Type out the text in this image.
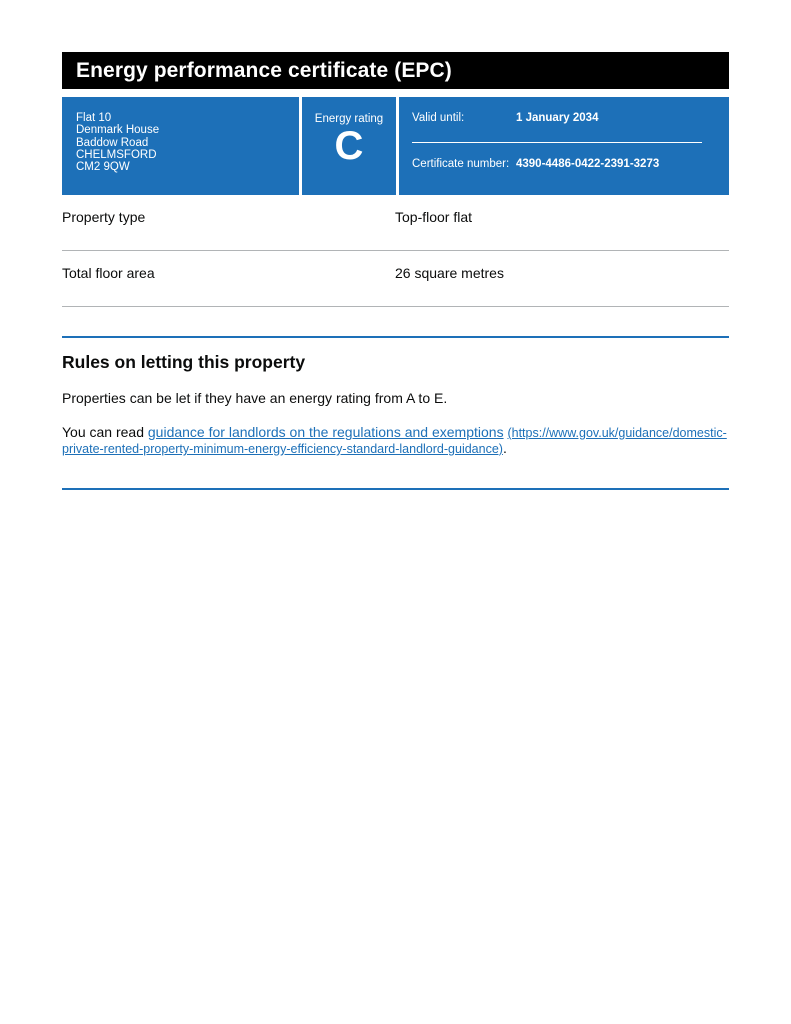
Energy performance certificate (EPC)
Flat 10
Denmark House
Baddow Road
CHELMSFORD
CM2 9QW
Energy rating
C
Valid until:	1 January 2034
Certificate number: 4390-4486-0422-2391-3273
Property type	Top-floor flat
Total floor area	26 square metres
Rules on letting this property

Properties can be let if they have an energy rating from A to E.

You can read guidance for landlords on the regulations and exemptions (https://www.gov.uk/guidance/domestic-private-rented-property-minimum-energy-efficiency-standard-landlord-guidance).
